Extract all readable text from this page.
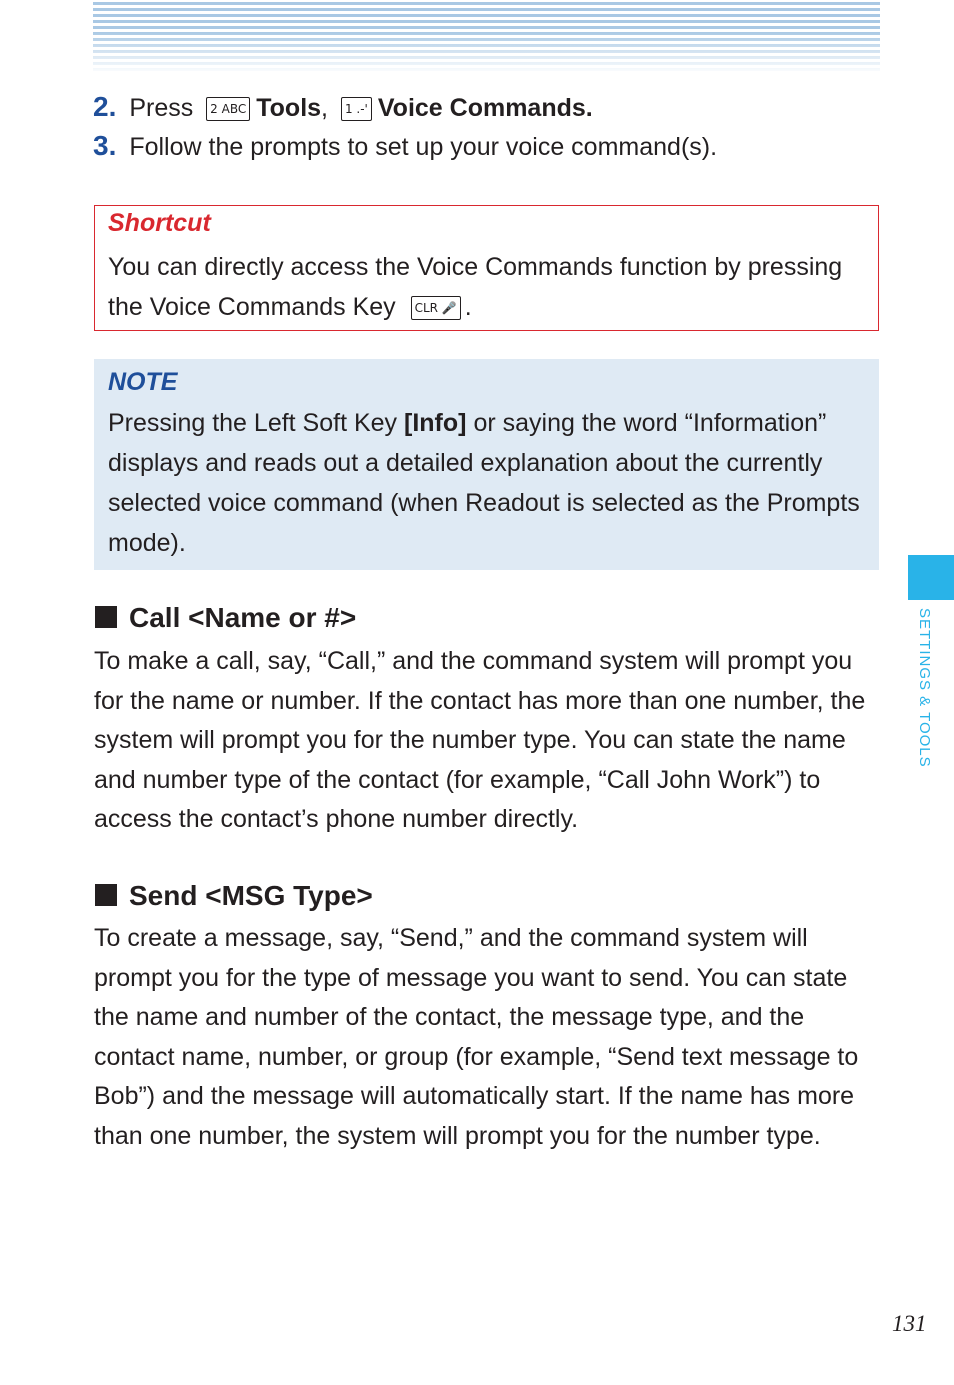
2. Press 2 ABC Tools, 1 .-' Voice Commands.
3. Follow the prompts to set up your voice command(s).
Shortcut
You can directly access the Voice Commands function by pressing the Voice Commands Key CLR 🎤 .
NOTE
Pressing the Left Soft Key [Info] or saying the word “Information” displays and reads out a detailed explanation about the currently selected voice command (when Readout is selected as the Prompts mode).
Call <Name or #>
To make a call, say, “Call,” and the command system will prompt you for the name or number. If the contact has more than one number, the system will prompt you for the number type. You can state the name and number type of the contact (for example, “Call John Work”) to access the contact’s phone number directly.
Send <MSG Type>
To create a message, say, “Send,” and the command system will prompt you for the type of message you want to send. You can state the name and number of the contact, the message type, and the contact name, number, or group (for example, “Send text message to Bob”) and the message will automatically start. If the name has more than one number, the system will prompt you for the number type.
SETTINGS & TOOLS
131
